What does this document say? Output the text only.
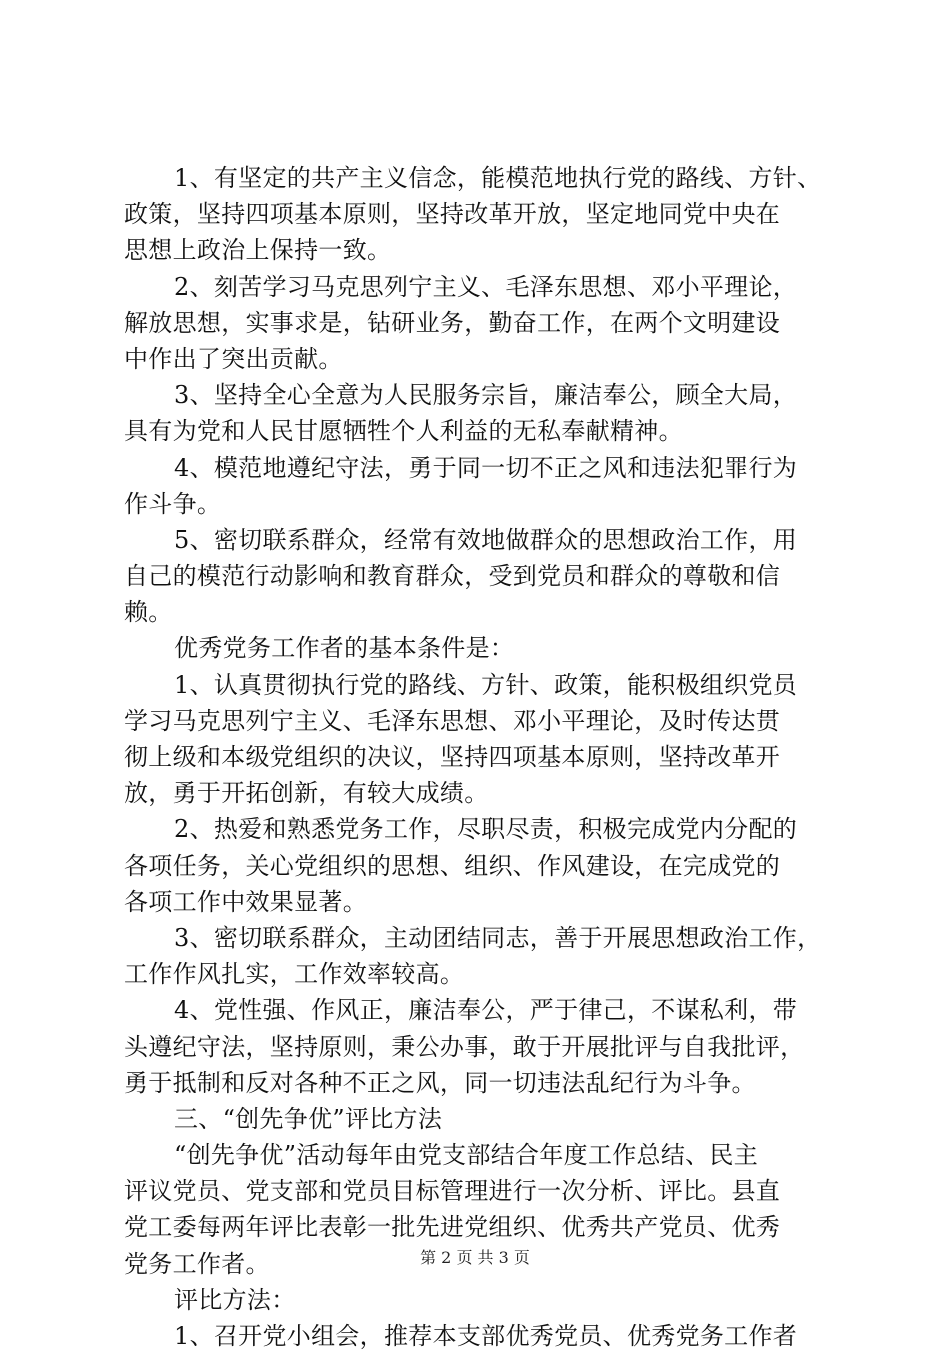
1、有坚定的共产主义信念，能模范地执行党的路线、方针、
政策，坚持四项基本原则，坚持改革开放，坚定地同党中央在
思想上政治上保持一致。
2、刻苦学习马克思列宁主义、毛泽东思想、邓小平理论，
解放思想，实事求是，钻研业务，勤奋工作，在两个文明建设
中作出了突出贡献。
3、坚持全心全意为人民服务宗旨，廉洁奉公，顾全大局，
具有为党和人民甘愿牺牲个人利益的无私奉献精神。
4、模范地遵纪守法，勇于同一切不正之风和违法犯罪行为
作斗争。
5、密切联系群众，经常有效地做群众的思想政治工作，用
自己的模范行动影响和教育群众，受到党员和群众的尊敬和信
赖。
优秀党务工作者的基本条件是：
1、认真贯彻执行党的路线、方针、政策，能积极组织党员
学习马克思列宁主义、毛泽东思想、邓小平理论，及时传达贯
彻上级和本级党组织的决议，坚持四项基本原则，坚持改革开
放，勇于开拓创新，有较大成绩。
2、热爱和熟悉党务工作，尽职尽责，积极完成党内分配的
各项任务，关心党组织的思想、组织、作风建设，在完成党的
各项工作中效果显著。
3、密切联系群众，主动团结同志，善于开展思想政治工作，
工作作风扎实，工作效率较高。
4、党性强、作风正，廉洁奉公，严于律己，不谋私利，带
头遵纪守法，坚持原则，秉公办事，敢于开展批评与自我批评，
勇于抵制和反对各种不正之风，同一切违法乱纪行为斗争。
三、“创先争优”评比方法
“创先争优”活动每年由党支部结合年度工作总结、民主
评议党员、党支部和党员目标管理进行一次分析、评比。县直
党工委每两年评比表彰一批先进党组织、优秀共产党员、优秀
党务工作者。
评比方法：
1、召开党小组会，推荐本支部优秀党员、优秀党务工作者
第 2 页 共 3 页
